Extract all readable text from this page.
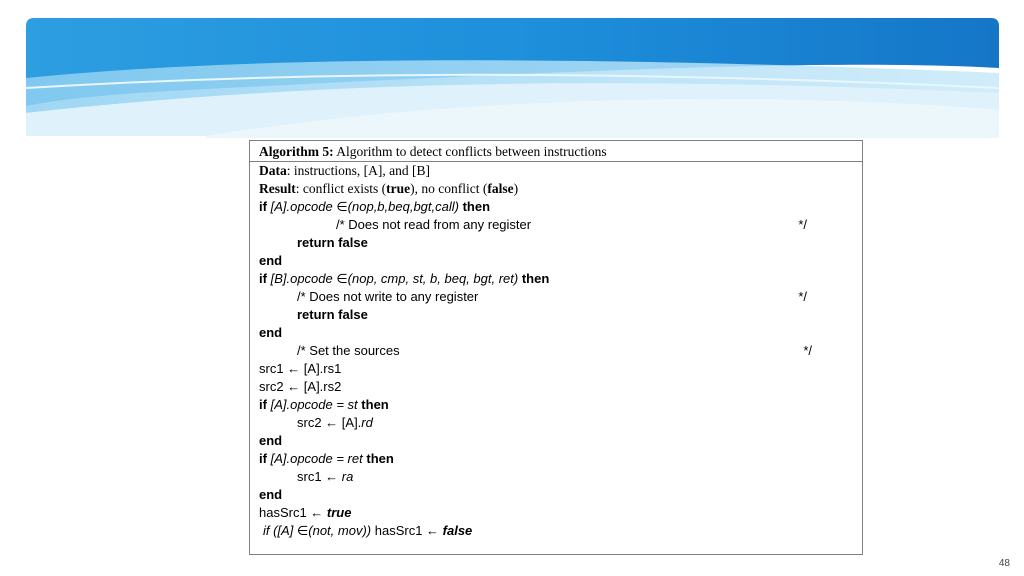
Algorithm 5: Algorithm to detect conflicts between instructions
Data: instructions, [A], and [B]
Result: conflict exists (true), no conflict (false)
if [A].opcode ∈(nop,b,beq,bgt,call) then
/* Does not read from any register	*/
return false
end
if [B].opcode ∈(nop, cmp, st, b, beq, bgt, ret) then
/* Does not write to any register	*/
return false
end
/* Set the sources	*/
src1 ← [A].rs1
src2 ← [A].rs2
if [A].opcode = st then
src2 ← [A].rd
end
if [A].opcode = ret then
src1 ← ra
end
hasSrc1 ← true
if ([A] ∈(not, mov)) hasSrc1 ← false
48
